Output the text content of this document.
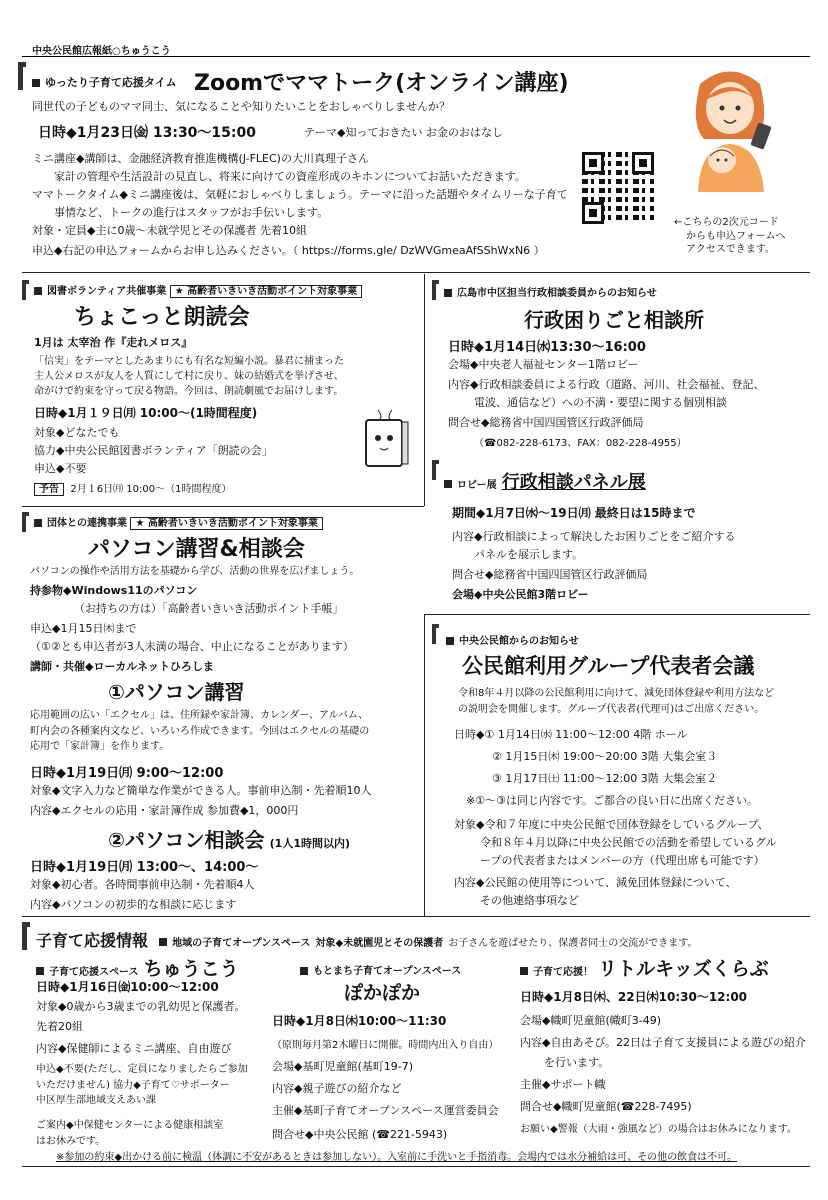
中央公民館広報紙○ちゅうこう
ゆったり子育て応援タイム Zoomでママトーク(オンライン講座)
同世代の子どものママ同士、気になることや知りたいことをおしゃべりしませんか？
日時◆1月23日㈮ 13:30～15:00	テーマ◆知っておきたい お金のおはなし
ミニ講座◆講師は、金融経済教育推進機構(J-FLEC)の大川真理子さん
家計の管理や生活設計の見直し、将来に向けての資産形成のキホンについてお話いただきます。
ママトークタイム◆ミニ講座後は、気軽におしゃべりしましょう。テーマに沿った話題やタイムリーな子育て
事情など、トークの進行はスタッフがお手伝いします。
対象・定員◆主に0歳～未就学児とその保護者 先着10組
申込◆右記の申込フォームからお申し込みください。（ https://forms.gle/ DzWVGmeaAfSShWxN6 ）
←こちらの2次元コード
からも申込フォームへ
アクセスできます。
図書ボランティア共催事業 ★ 高齢者いきいき活動ポイント対象事業
ちょこっと朗読会
1月は 太宰治 作『走れメロス』
「信実」をテーマとしたあまりにも有名な短編小説。暴君に捕まった
主人公メロスが友人を人質にして村に戻り、妹の結婚式を挙げさせ、
命がけで約束を守って戻る物語。今回は、朗読劇風でお届けします。
日時◆1月１９日㈪ 10:00～(1時間程度)
対象◆どなたでも
協力◆中央公民館図書ボランティア「朗読の会」
申込◆不要
予告 2月１6日㈪ 10:00～（1時間程度）
団体との連携事業 ★ 高齢者いきいき活動ポイント対象事業
パソコン講習&相談会
パソコンの操作や活用方法を基礎から学び、活動の世界を広げましょう。
持参物◆Windows11のパソコン
（お持ちの方は）「高齢者いきいき活動ポイント手帳」
申込◆1月15日㈭まで
（①②とも申込者が3人未満の場合、中止になることがあります）
講師・共催◆ローカルネットひろしま
①パソコン講習
応用範囲の広い「エクセル」は、住所録や家計簿、カレンダー、アルバム、
町内会の各種案内文など、いろいろ作成できます。今回はエクセルの基礎の
応用で「家計簿」を作ります。
日時◆1月19日㈪ 9:00～12:00
対象◆文字入力など簡単な作業ができる人。事前申込制・先着順10人
内容◆エクセルの応用・家計簿作成 参加費◆1，000円
②パソコン相談会 (1人1時間以内)
日時◆1月19日㈪ 13:00～、14:00～
対象◆初心者。各時間事前申込制・先着順4人
内容◆パソコンの初歩的な相談に応じます
広島市中区担当行政相談委員からのお知らせ
行政困りごと相談所
日時◆1月14日㈬13:30～16:00
会場◆中央老人福祉センター1階ロビー
内容◆行政相談委員による行政（道路、河川、社会福祉、登記、
電波、通信など）への不満・要望に関する個別相談
問合せ◆総務省中国四国管区行政評価局
（☎082-228-6173、FAX：082-228-4955）
ロビー展 行政相談パネル展
期間◆1月7日㈬～19日㈪ 最終日は15時まで
内容◆行政相談によって解決したお困りごとをご紹介する
パネルを展示します。
問合せ◆総務省中国四国管区行政評価局
会場◆中央公民館3階ロビー
中央公民館からのお知らせ
公民館利用グループ代表者会議
令和8年４月以降の公民館利用に向けて、減免団体登録や利用方法など
の説明会を開催します。グループ代表者(代理可)はご出席ください。
日時◆① 1月14日㈬ 11:00～12:00 4階 ホール
② 1月15日㈭ 19:00～20:00 3階 大集会室３
③ 1月17日㈯ 11:00～12:00 3階 大集会室２
※①～③は同じ内容です。ご都合の良い日に出席ください。
対象◆令和７年度に中央公民館で団体登録をしているグループ、
令和８年４月以降に中央公民館での活動を希望しているグル
ープの代表者またはメンバーの方（代理出席も可能です）
内容◆公民館の使用等について、減免団体登録について、
その他連絡事項など
子育て応援情報 地域の子育てオープンスペース 対象◆未就園児とその保護者 お子さんを遊ばせたり、保護者同士の交流ができます。
子育て応援スペース ちゅうこう
日時◆1月16日㈮10:00～12:00
対象◆0歳から3歳までの乳幼児と保護者。
先着20組
内容◆保健師によるミニ講座、自由遊び
申込◆不要(ただし、定員になりましたらご参加
いただけません) 協力◆子育て♡サポーター
中区厚生部地域支えあい課
ご案内◆中保健センターによる健康相談室
はお休みです。
もとまち子育てオープンスペース
ぽかぽか
日時◆1月8日㈭10:00～11:30
（原則毎月第2木曜日に開催。時間内出入り自由）
会場◆基町児童館(基町19-7)
内容◆親子遊びの紹介など
主催◆基町子育てオープンスペース運営委員会
問合せ◆中央公民館 (☎221-5943)
子育て応援！ リトルキッズくらぶ
日時◆1月8日㈭、22日㈭10:30～12:00
会場◆幟町児童館(幟町3-49)
内容◆自由あそび。22日は子育て支援員による遊びの紹介
を行います。
主催◆サポート幟
問合せ◆幟町児童館(☎228-7495)
お願い◆警報（大雨・強風など）の場合はお休みになります。
※参加の約束◆出かける前に検温（体調に不安があるときは参加しない）。入室前に手洗いと手指消毒。会場内では水分補給は可、その他の飲食は不可。
